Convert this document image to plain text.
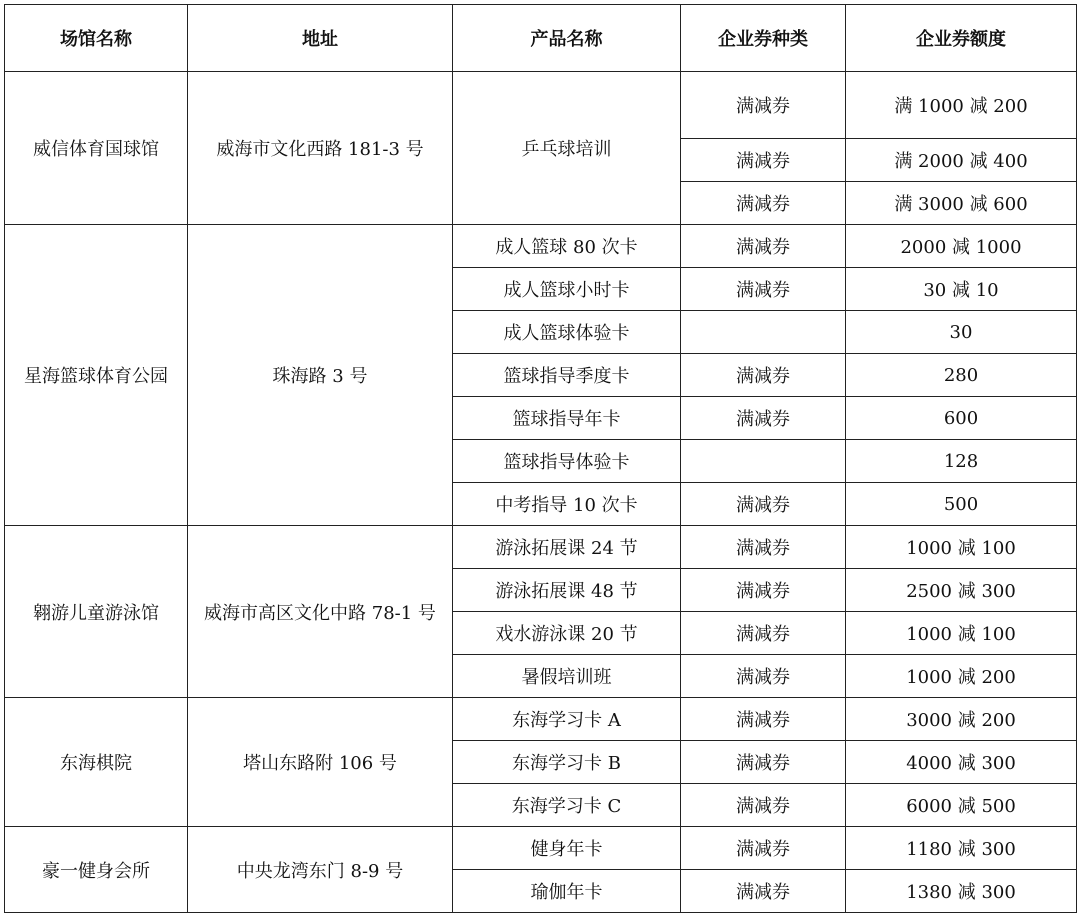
场馆名称	地址	产品名称	企业券种类	企业券额度
威信体育国球馆	威海市文化西路 181-3 号	乒乓球培训	满减券	满 1000 减 200
			满减券	满 2000 减 400
			满减券	满 3000 减 600
星海篮球体育公园	珠海路 3 号	成人篮球 80 次卡	满减券	2000 减 1000
		成人篮球小时卡	满减券	30 减 10
		成人篮球体验卡		30
		篮球指导季度卡	满减券	280
		篮球指导年卡	满减券	600
		篮球指导体验卡		128
		中考指导 10 次卡	满减券	500
翱游儿童游泳馆	威海市高区文化中路 78-1 号	游泳拓展课 24 节	满减券	1000 减 100
		游泳拓展课 48 节	满减券	2500 减 300
		戏水游泳课 20 节	满减券	1000 减 100
		暑假培训班	满减券	1000 减 200
东海棋院	塔山东路附 106 号	东海学习卡 A	满减券	3000 减 200
		东海学习卡 B	满减券	4000 减 300
		东海学习卡 C	满减券	6000 减 500
豪一健身会所	中央龙湾东门 8-9 号	健身年卡	满减券	1180 减 300
		瑜伽年卡	满减券	1380 减 300
